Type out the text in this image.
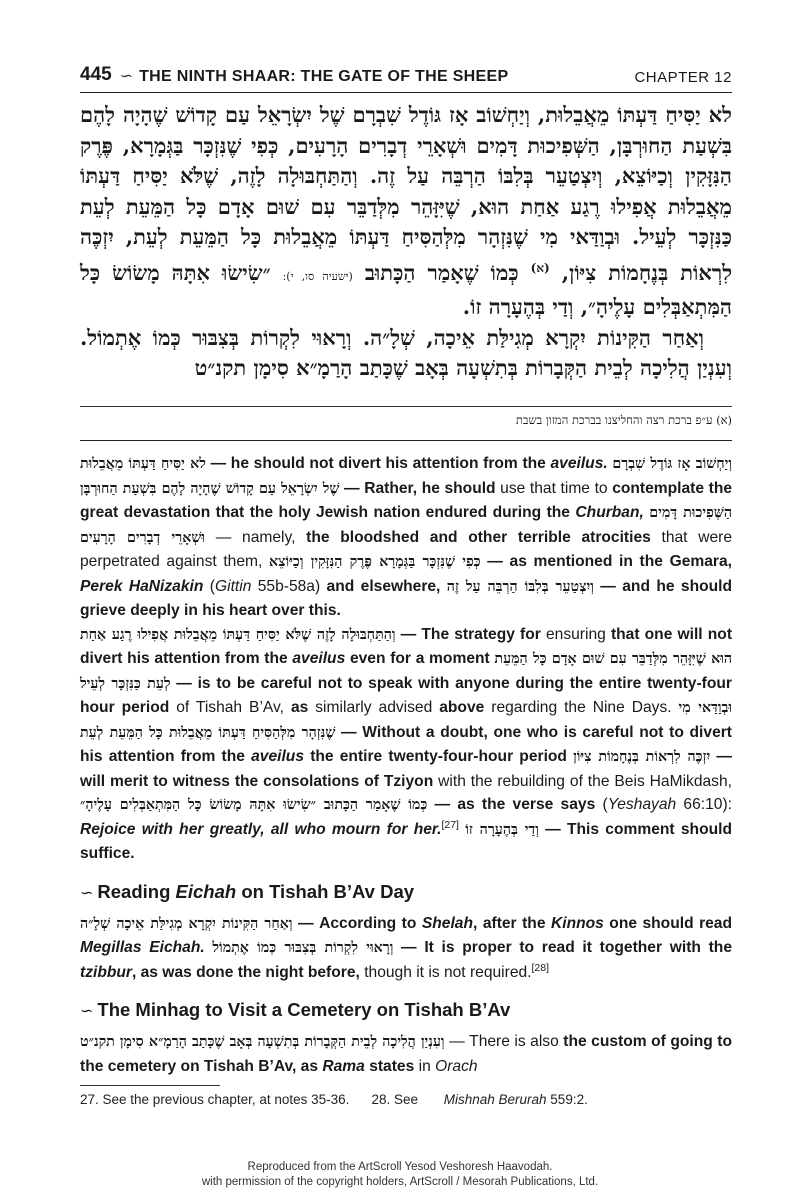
445 ∽ THE NINTH SHAAR: THE GATE OF THE SHEEP	CHAPTER 12

לא יַסִּיחַ דַּעְתּוֹ מֵאֲבֵלוּת, וְיַחְשׁוֹב אָז גּוֹדֶל שִׁבְרָם שֶׁל יִשְׂרָאֵל עַם קָדוֹשׁ שֶׁהָיָה לָהֶם בִּשְׁעַת הַחוּרְבָּן, הַשְּׁפִיכוּת דָּמִים וּשְׁאָרֵי דְבָרִים הָרָעִים, כְּפִי שֶׁנִּזְכָּר בַּגְּמָרָא, פֶּרֶק הַנִּזָּקִין וְכַיּוֹצֵא, וְיִצְטַעֵר בְּלִבּוֹ הַרְבֵּה עַל זֶה. וְהַתַּחְבּוּלָה לָזֶה, שֶׁלֹּא יַסִּיחַ דַּעְתּוֹ מֵאֲבֵלוּת אֲפִילוּ רֶגַע אַחַת הוּא, שֶׁיִּזָּהֵר מִלְּדַבֵּר עִם שׁוּם אָדָם כָּל הַמֵּעֵת לְעֵת כַּנִּזְכָּר לְעֵיל. וּבְוַדַּאי מִי שֶׁנִּזְהָר מִלְּהַסִּיחַ דַּעְתּוֹ מֵאֲבֵלוּת כָּל הַמֵּעֵת לְעֵת, יִזְכֶּה לִרְאוֹת בְּנֶחָמוֹת צִיּוֹן, $^{(א)}$ כְּמוֹ שֶׁאָמַר הַכָּתוּב (ישעיה סו, י): ״שִׂישׂוּ אִתָּהּ מָשׂוֹשׂ כָּל הַמִּתְאַבְּלִים עָלֶיהָ״, וְדַי בְּהֶעָרָה זוֹ.

וְאַחַר הַקִּינוֹת יִקְרָא מְגִילַּת אֵיכָה, שְׁלָ״ה. וְרָאוּי לִקְרוֹת בְּצִבּוּר כְּמוֹ אֶתְמוֹל. וְעִנְיַן הֲלִיכָה לְבֵית הַקְּבָרוֹת בְּתִשְׁעָה בְּאָב שֶׁכָּתַב הָרַמָ״א סִימָן תקנ״ט

(א) ע״פ ברכת רצה והחליצנו בברכת המזון בשבת

לא יַסִּיחַ דַּעְתּוֹ מֵאֲבֵלוּת — he should not divert his attention from the aveilus. וְיַחְשׁוֹב אָז גּוֹדֶל שִׁבְרָם שֶׁל יִשְׂרָאֵל עַם קָדוֹשׁ שֶׁהָיָה לָהֶם בִּשְׁעַת הַחוּרְבָּן — Rather, he should use that time to contemplate the great devastation that the holy Jewish nation endured during the Churban, הַשְּׁפִיכוּת דָּמִים וּשְׁאָרֵי דְבָרִים הָרָעִים — namely, the bloodshed and other terrible atrocities that were perpetrated against them, כְּפִי שֶׁנִּזְכָּר בַּגְּמָרָא פֶּרֶק הַנִּזָּקִין וְכַיּוֹצֵא — as mentioned in the Gemara, Perek HaNizakin (Gittin 55b-58a) and elsewhere, וְיִצְטַעֵר בְּלִבּוֹ הַרְבֵּה עַל זֶה — and he should grieve deeply in his heart over this.

וְהַתַּחְבּוּלָה לָזֶה שֶׁלֹּא יַסִּיחַ דַּעְתּוֹ מֵאֲבֵלוּת אֲפִילוּ רֶגַע אַחַת — The strategy for ensuring that one will not divert his attention from the aveilus even for a moment הוּא שֶׁיִּזָּהֵר מִלְּדַבֵּר עִם שׁוּם אָדָם כָּל הַמֵּעֵת לְעֵת כַּנִּזְכָּר לְעֵיל — is to be careful not to speak with anyone during the entire twenty-four hour period of Tishah B’Av, as similarly advised above regarding the Nine Days. וּבְוַדַּאי מִי שֶׁנִּזְהָר מִלְּהַסִּיחַ דַּעְתּוֹ מֵאֲבֵלוּת כָּל הַמֵּעֵת לְעֵת — Without a doubt, one who is careful not to divert his attention from the aveilus the entire twenty-four-hour period יִזְכֶּה לִרְאוֹת בְּנֶחָמוֹת צִיּוֹן — will merit to witness the consolations of Tziyon with the rebuilding of the Beis HaMikdash, כְּמוֹ שֶׁאָמַר הַכָּתוּב ״שִׂישׂוּ אִתָּהּ מָשׂוֹשׂ כָּל הַמִּתְאַבְּלִים עָלֶיהָ״ — as the verse says (Yeshayah 66:10): Rejoice with her greatly, all who mourn for her.[27] וְדַי בְּהֶעָרָה זוֹ — This comment should suffice.

∽ Reading Eichah on Tishah B’Av Day

וְאַחַר הַקִּינוֹת יִקְרָא מְגִילַּת אֵיכָה שְׁלָ״ה — According to Shelah, after the Kinnos one should read Megillas Eichah. וְרָאוּי לִקְרוֹת בְּצִבּוּר כְּמוֹ אֶתְמוֹל — It is proper to read it together with the tzibbur, as was done the night before, though it is not required.[28]

∽ The Minhag to Visit a Cemetery on Tishah B’Av

וְעִנְיַן הֲלִיכָה לְבֵית הַקְּבָרוֹת בְּתִשְׁעָה בְּאָב שֶׁכָּתַב הָרַמָ״א סִימָן תקנ״ט — There is also the custom of going to the cemetery on Tishah B’Av, as Rama states in Orach

27. See the previous chapter, at notes 35-36. 28. See Mishnah Berurah 559:2.
Reproduced from the ArtScroll Yesod Veshoresh Haavodah.
with permission of the copyright holders, ArtScroll / Mesorah Publications, Ltd.
